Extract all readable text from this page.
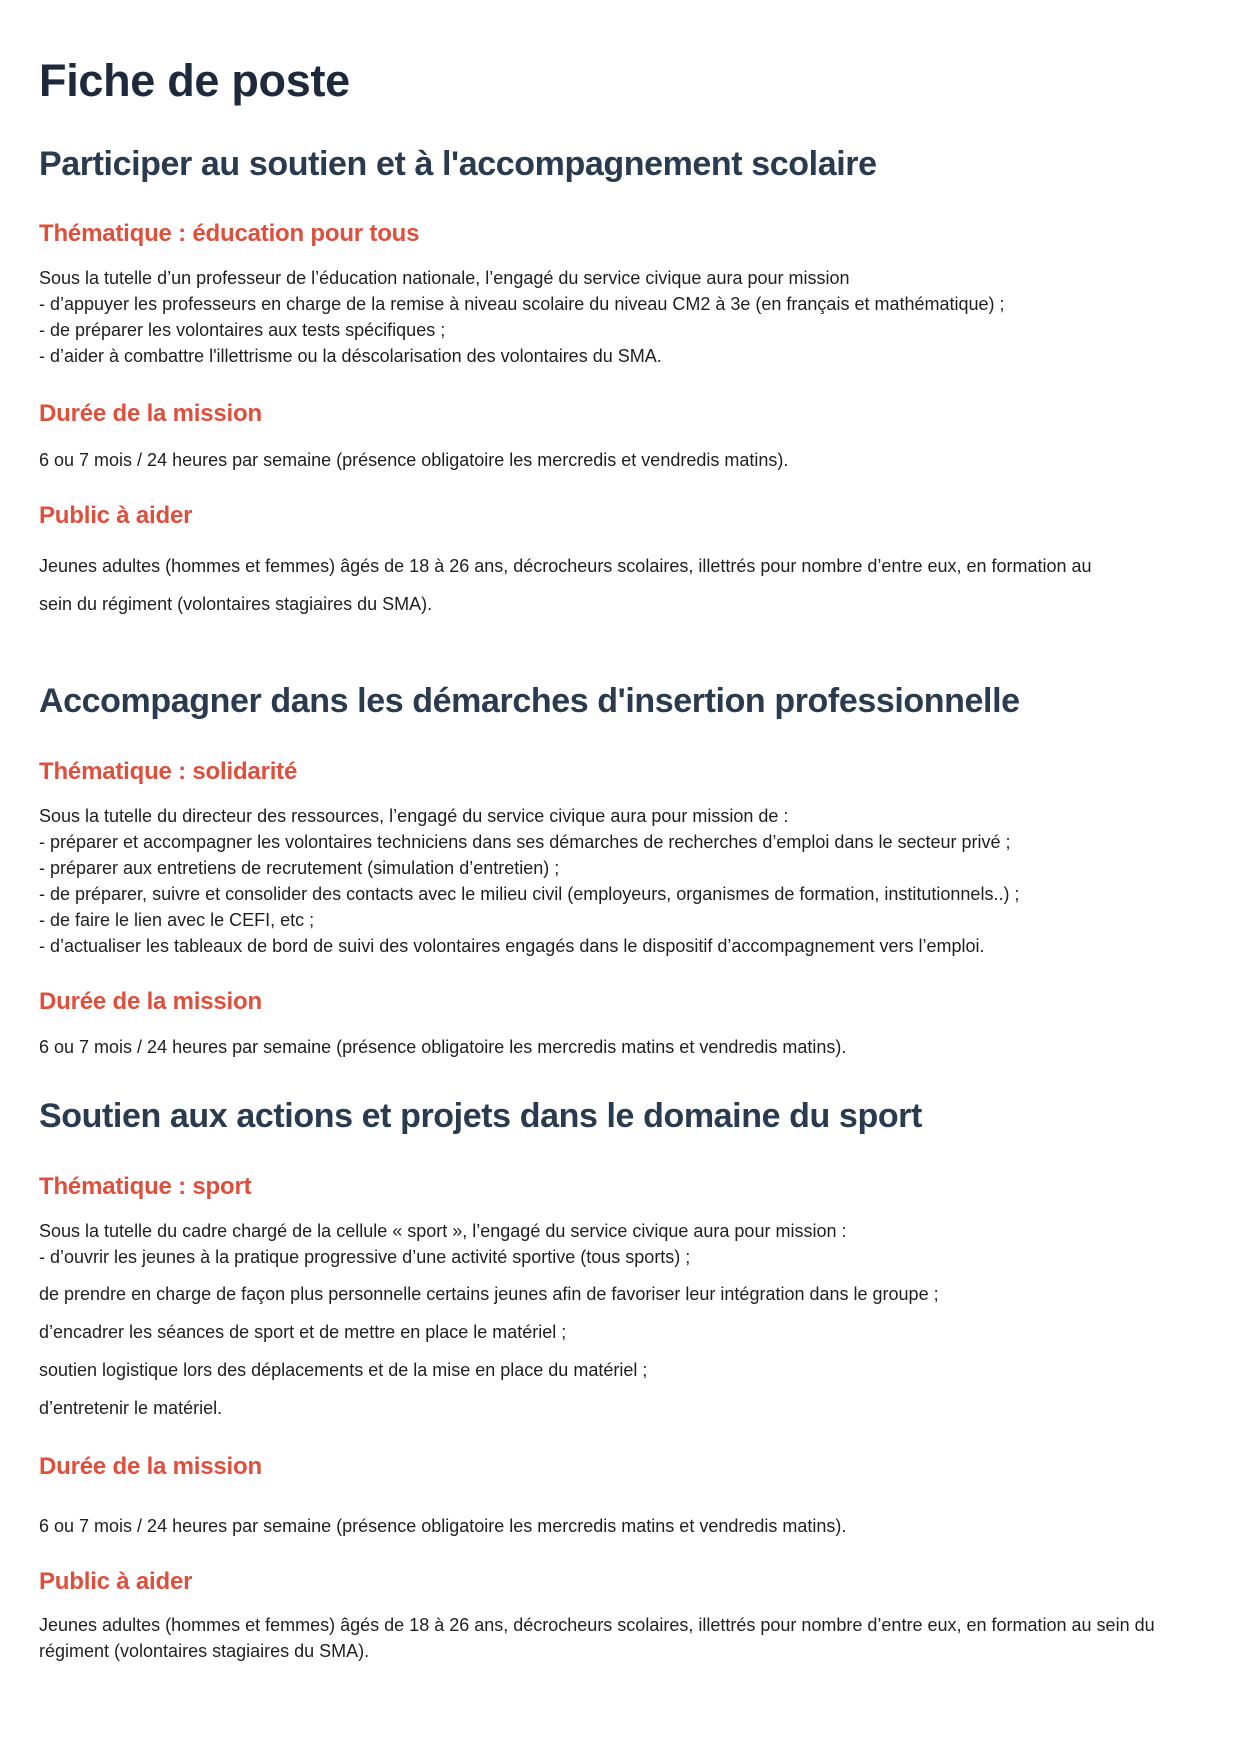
Fiche de poste
Participer au soutien et à l'accompagnement scolaire
Thématique : éducation pour tous
Sous la tutelle d’un professeur de l’éducation nationale, l’engagé du service civique aura pour mission
- d’appuyer les professeurs en charge de la remise à niveau scolaire du niveau CM2 à 3e (en français et mathématique) ;
- de préparer les volontaires aux tests spécifiques ;
- d’aider à combattre l'illettrisme ou la déscolarisation des volontaires du SMA.
Durée de la mission
6 ou 7 mois / 24 heures par semaine (présence obligatoire les mercredis et vendredis matins).
Public à aider
Jeunes adultes (hommes et femmes) âgés de 18 à 26 ans, décrocheurs scolaires, illettrés pour nombre d’entre eux, en formation au
sein du régiment (volontaires stagiaires du SMA).
Accompagner dans les démarches d'insertion professionnelle
Thématique : solidarité
Sous la tutelle du directeur des ressources, l’engagé du service civique aura pour mission de :
- préparer et accompagner les volontaires techniciens dans ses démarches de recherches d’emploi dans le secteur privé ;
- préparer aux entretiens de recrutement (simulation d’entretien) ;
- de préparer, suivre et consolider des contacts avec le milieu civil (employeurs, organismes de formation, institutionnels..) ;
- de faire le lien avec le CEFI, etc ;
- d’actualiser les tableaux de bord de suivi des volontaires engagés dans le dispositif d’accompagnement vers l’emploi.
Durée de la mission
6 ou 7 mois / 24 heures par semaine (présence obligatoire les mercredis matins et vendredis matins).
Soutien aux actions et projets dans le domaine du sport
Thématique : sport
Sous la tutelle du cadre chargé de la cellule « sport », l’engagé du service civique aura pour mission :
- d’ouvrir les jeunes à la pratique progressive d’une activité sportive (tous sports) ;
de prendre en charge de façon plus personnelle certains jeunes afin de favoriser leur intégration dans le groupe ;
d’encadrer les séances de sport et de mettre en place le matériel ;
soutien logistique lors des déplacements et de la mise en place du matériel ;
d’entretenir le matériel.
Durée de la mission
6 ou 7 mois / 24 heures par semaine (présence obligatoire les mercredis matins et vendredis matins).
Public à aider
Jeunes adultes (hommes et femmes) âgés de 18 à 26 ans, décrocheurs scolaires, illettrés pour nombre d’entre eux, en formation au sein du régiment (volontaires stagiaires du SMA).
